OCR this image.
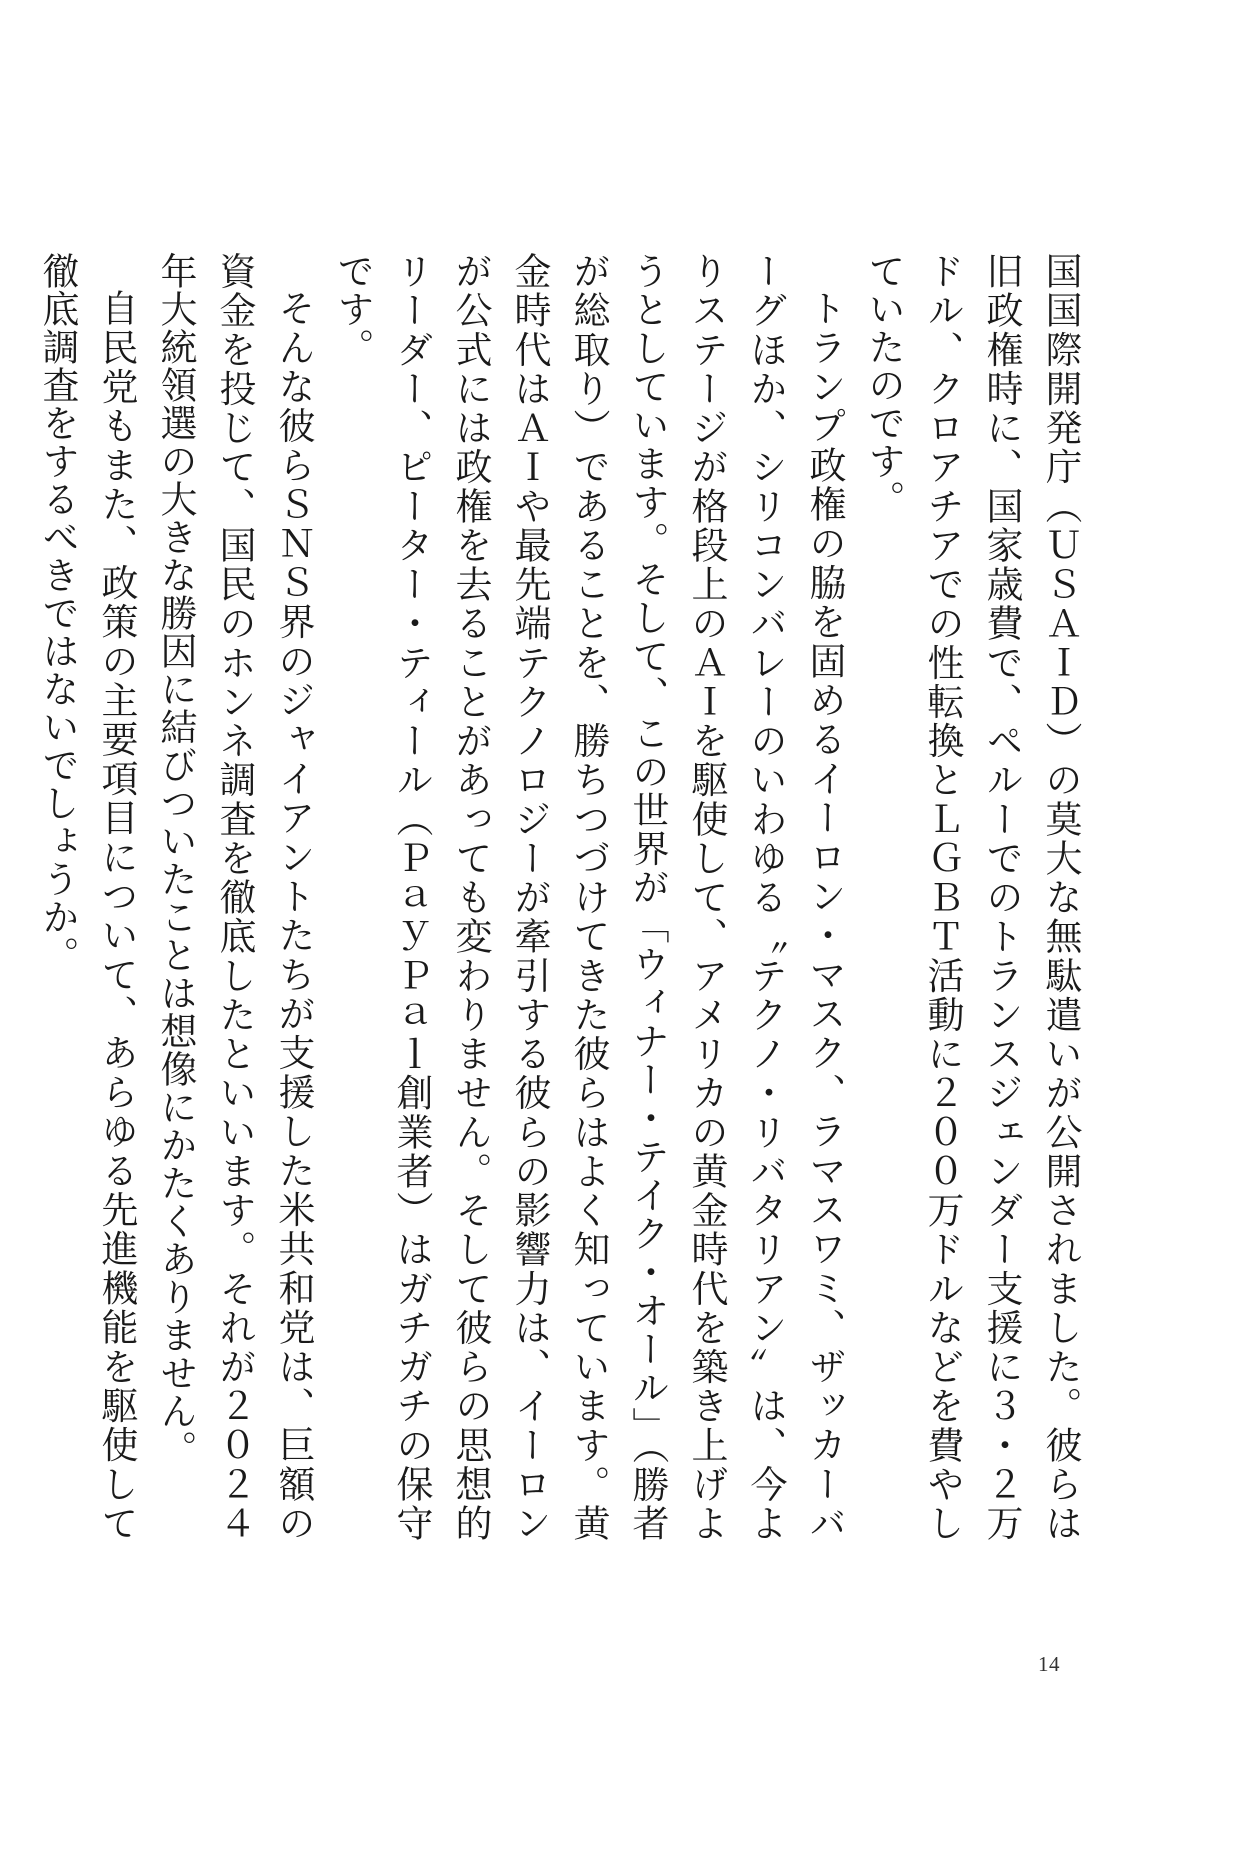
国国際開発庁（ＵＳＡＩＤ）の莫大な無駄遣いが公開されました。彼らは旧政権時に、国家歳費で、ペルーでのトランスジェンダー支援に３・２万ドル、クロアチアでの性転換とＬＧＢＴ活動に２００万ドルなどを費やしていたのです。

トランプ政権の脇を固めるイーロン・マスク、ラマスワミ、ザッカーバーグほか、シリコンバレーのいわゆる〝テクノ・リバタリアン〟は、今よりステージが格段上のＡＩを駆使して、アメリカの黄金時代を築き上げようとしています。そして、この世界が「ウィナー・テイク・オール」（勝者が総取り）であることを、勝ちつづけてきた彼らはよく知っています。黄金時代はＡＩや最先端テクノロジーが牽引する彼らの影響力は、イーロンが公式には政権を去ることがあっても変わりません。そして彼らの思想的リーダー、ピーター・ティール（ＰａｙＰａｌ創業者）はガチガチの保守です。

そんな彼らＳＮＳ界のジャイアントたちが支援した米共和党は、巨額の資金を投じて、国民のホンネ調査を徹底したといいます。それが２０２４年大統領選の大きな勝因に結びついたことは想像にかたくありません。

自民党もまた、政策の主要項目について、あらゆる先進機能を駆使して徹底調査をするべきではないでしょうか。

14
